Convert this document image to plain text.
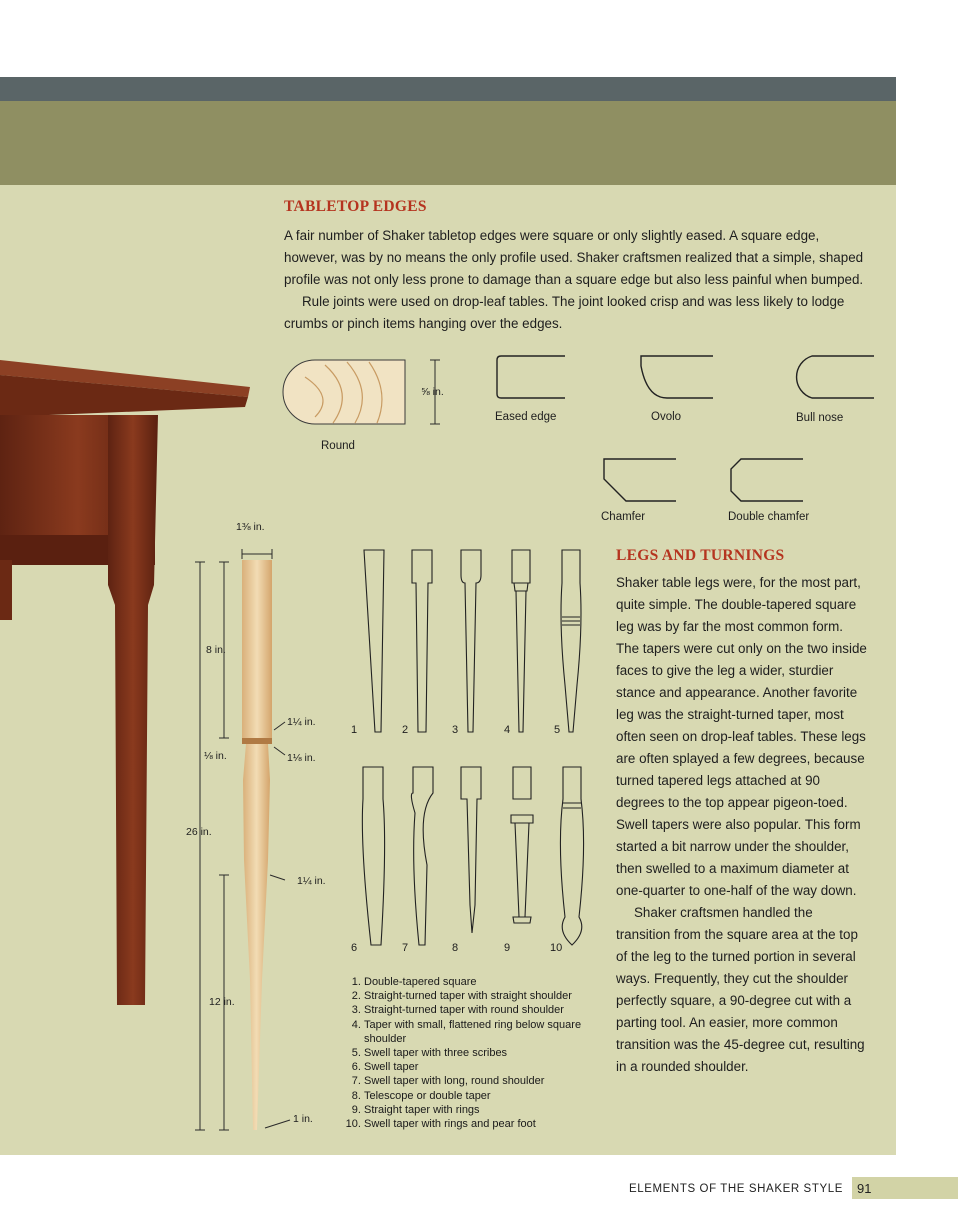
TABLETOP EDGES

A fair number of Shaker tabletop edges were square or only slightly eased. A square edge, however, was by no means the only profile used. Shaker craftsmen realized that a simple, shaped profile was not only less prone to damage than a square edge but also less painful when bumped.

Rule joints were used on drop-leaf tables. The joint looked crisp and was less likely to lodge crumbs or pinch items hanging over the edges.

Round
⅝ in.
Eased edge	Ovolo	Bull nose
Chamfer	Double chamfer
1⅜ in.
8 in.
1¼ in.
⅛ in.	1⅛ in.
26 in.
1¼ in.
12 in.
1 in.
1	2	3	4	5
6	7	8	9	10
1. Double-tapered square
2. Straight-turned taper with straight shoulder
3. Straight-turned taper with round shoulder
4. Taper with small, flattened ring below square shoulder
5. Swell taper with three scribes
6. Swell taper
7. Swell taper with long, round shoulder
8. Telescope or double taper
9. Straight taper with rings
10. Swell taper with rings and pear foot
LEGS AND TURNINGS

Shaker table legs were, for the most part, quite simple. The double-tapered square leg was by far the most common form. The tapers were cut only on the two inside faces to give the leg a wider, sturdier stance and appearance. Another favorite leg was the straight-turned taper, most often seen on drop-leaf tables. These legs are often splayed a few degrees, because turned tapered legs attached at 90 degrees to the top appear pigeon-toed. Swell tapers were also popular. This form started a bit narrow under the shoulder, then swelled to a maximum diameter at one-quarter to one-half of the way down.

Shaker craftsmen handled the transition from the square area at the top of the leg to the turned portion in several ways. Frequently, they cut the shoulder perfectly square, a 90-degree cut with a parting tool. An easier, more common transition was the 45-degree cut, resulting in a rounded shoulder.

ELEMENTS OF THE SHAKER STYLE 91
